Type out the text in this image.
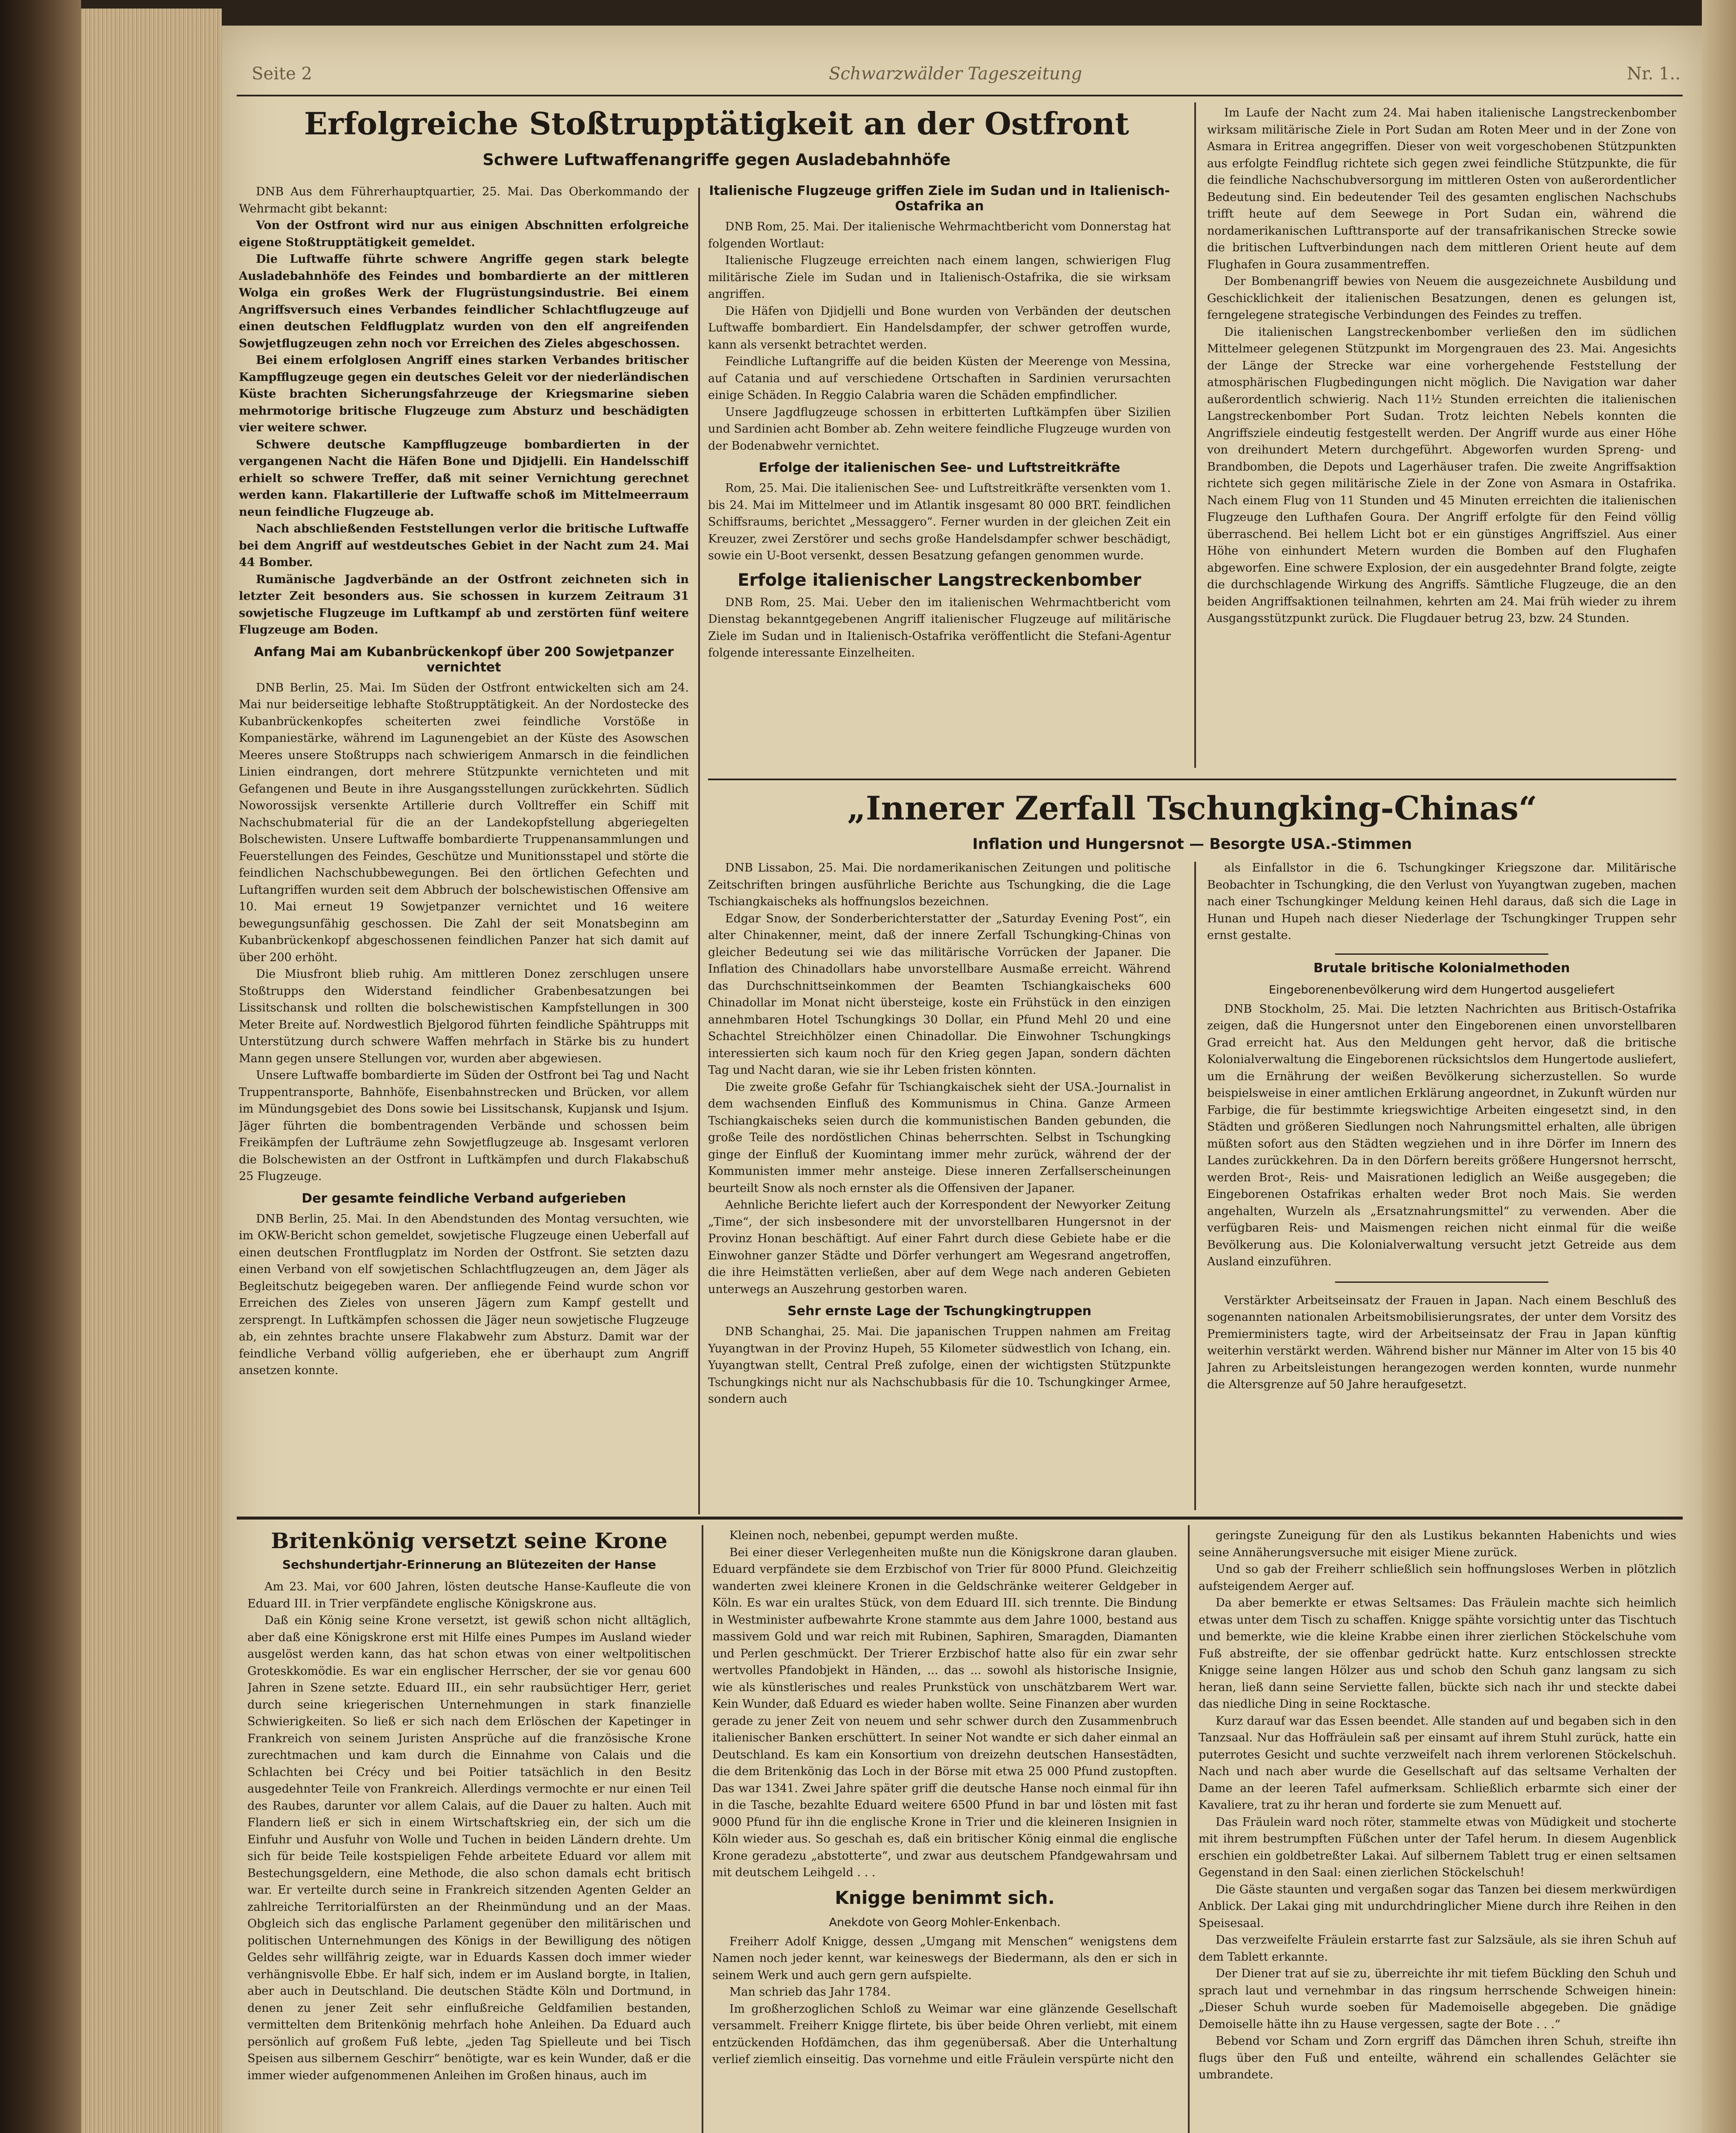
Seite 2	Schwarzwälder Tageszeitung	Nr. 1..
Erfolgreiche Stoßtrupptätigkeit an der Ostfront
Schwere Luftwaffenangriffe gegen Ausladebahnhöfe

DNB Aus dem Führerhauptquartier, 25. Mai. Das Oberkommando der Wehrmacht gibt bekannt:

Von der Ostfront wird nur aus einigen Abschnitten erfolgreiche eigene Stoßtrupptätigkeit gemeldet.

Die Luftwaffe führte schwere Angriffe gegen stark belegte Ausladebahnhöfe des Feindes und bombardierte an der mittleren Wolga ein großes Werk der Flugrüstungsindustrie. Bei einem Angriffsversuch eines Verbandes feindlicher Schlachtflugzeuge auf einen deutschen Feldflugplatz wurden von den elf angreifenden Sowjetflugzeugen zehn noch vor Erreichen des Zieles abgeschossen.

Bei einem erfolglosen Angriff eines starken Verbandes britischer Kampfflugzeuge gegen ein deutsches Geleit vor der niederländischen Küste brachten Sicherungsfahrzeuge der Kriegsmarine sieben mehrmotorige britische Flugzeuge zum Absturz und beschädigten vier weitere schwer.

Schwere deutsche Kampfflugzeuge bombardierten in der vergangenen Nacht die Häfen Bone und Djidjelli. Ein Handelsschiff erhielt so schwere Treffer, daß mit seiner Vernichtung gerechnet werden kann. Flakartillerie der Luftwaffe schoß im Mittelmeerraum neun feindliche Flugzeuge ab.

Nach abschließenden Feststellungen verlor die britische Luftwaffe bei dem Angriff auf westdeutsches Gebiet in der Nacht zum 24. Mai 44 Bomber.

Rumänische Jagdverbände an der Ostfront zeichneten sich in letzter Zeit besonders aus. Sie schossen in kurzem Zeitraum 31 sowjetische Flugzeuge im Luftkampf ab und zerstörten fünf weitere Flugzeuge am Boden.

Anfang Mai am Kubanbrückenkopf über 200 Sowjetpanzer vernichtet

DNB Berlin, 25. Mai. Im Süden der Ostfront entwickelten sich am 24. Mai nur beiderseitige lebhafte Stoßtrupptätigkeit. An der Nordostecke des Kubanbrückenkopfes scheiterten zwei feindliche Vorstöße in Kompaniestärke, während im Lagunengebiet an der Küste des Asowschen Meeres unsere Stoßtrupps nach schwierigem Anmarsch in die feindlichen Linien eindrangen, dort mehrere Stützpunkte vernichteten und mit Gefangenen und Beute in ihre Ausgangsstellungen zurückkehrten. Südlich Noworossijsk versenkte Artillerie durch Volltreffer ein Schiff mit Nachschubmaterial für die an der Landekopfstellung abgeriegelten Bolschewisten. Unsere Luftwaffe bombardierte Truppenansammlungen und Feuerstellungen des Feindes, Geschütze und Munitionsstapel und störte die feindlichen Nachschubbewegungen. Bei den örtlichen Gefechten und Luftangriffen wurden seit dem Abbruch der bolschewistischen Offensive am 10. Mai erneut 19 Sowjetpanzer vernichtet und 16 weitere bewegungsunfähig geschossen. Die Zahl der seit Monatsbeginn am Kubanbrückenkopf abgeschossenen feindlichen Panzer hat sich damit auf über 200 erhöht.

Die Miusfront blieb ruhig. Am mittleren Donez zerschlugen unsere Stoßtrupps den Widerstand feindlicher Grabenbesatzungen bei Lissitschansk und rollten die bolschewistischen Kampfstellungen in 300 Meter Breite auf. Nordwestlich Bjelgorod führten feindliche Spähtrupps mit Unterstützung durch schwere Waffen mehrfach in Stärke bis zu hundert Mann gegen unsere Stellungen vor, wurden aber abgewiesen.

Unsere Luftwaffe bombardierte im Süden der Ostfront bei Tag und Nacht Truppentransporte, Bahnhöfe, Eisenbahnstrecken und Brücken, vor allem im Mündungsgebiet des Dons sowie bei Lissitschansk, Kupjansk und Isjum. Jäger führten die bombentragenden Verbände und schossen beim Freikämpfen der Lufträume zehn Sowjetflugzeuge ab. Insgesamt verloren die Bolschewisten an der Ostfront in Luftkämpfen und durch Flakabschuß 25 Flugzeuge.

Der gesamte feindliche Verband aufgerieben

DNB Berlin, 25. Mai. In den Abendstunden des Montag versuchten, wie im OKW-Bericht schon gemeldet, sowjetische Flugzeuge einen Ueberfall auf einen deutschen Frontflugplatz im Norden der Ostfront. Sie setzten dazu einen Verband von elf sowjetischen Schlachtflugzeugen an, dem Jäger als Begleitschutz beigegeben waren. Der anfliegende Feind wurde schon vor Erreichen des Zieles von unseren Jägern zum Kampf gestellt und zersprengt. In Luftkämpfen schossen die Jäger neun sowjetische Flugzeuge ab, ein zehntes brachte unsere Flakabwehr zum Absturz. Damit war der feindliche Verband völlig aufgerieben, ehe er überhaupt zum Angriff ansetzen konnte.

Italienische Flugzeuge griffen Ziele im Sudan und in Italienisch-Ostafrika an

DNB Rom, 25. Mai. Der italienische Wehrmachtbericht vom Donnerstag hat folgenden Wortlaut:

Italienische Flugzeuge erreichten nach einem langen, schwierigen Flug militärische Ziele im Sudan und in Italienisch-Ostafrika, die sie wirksam angriffen.

Die Häfen von Djidjelli und Bone wurden von Verbänden der deutschen Luftwaffe bombardiert. Ein Handelsdampfer, der schwer getroffen wurde, kann als versenkt betrachtet werden.

Feindliche Luftangriffe auf die beiden Küsten der Meerenge von Messina, auf Catania und auf verschiedene Ortschaften in Sardinien verursachten einige Schäden. In Reggio Calabria waren die Schäden empfindlicher.

Unsere Jagdflugzeuge schossen in erbitterten Luftkämpfen über Sizilien und Sardinien acht Bomber ab. Zehn weitere feindliche Flugzeuge wurden von der Bodenabwehr vernichtet.

Erfolge der italienischen See- und Luftstreitkräfte

Rom, 25. Mai. Die italienischen See- und Luftstreitkräfte versenkten vom 1. bis 24. Mai im Mittelmeer und im Atlantik insgesamt 80 000 BRT. feindlichen Schiffsraums, berichtet „Messaggero“. Ferner wurden in der gleichen Zeit ein Kreuzer, zwei Zerstörer und sechs große Handelsdampfer schwer beschädigt, sowie ein U-Boot versenkt, dessen Besatzung gefangen genommen wurde.

Erfolge italienischer Langstreckenbomber

DNB Rom, 25. Mai. Ueber den im italienischen Wehrmachtbericht vom Dienstag bekanntgegebenen Angriff italienischer Flugzeuge auf militärische Ziele im Sudan und in Italienisch-Ostafrika veröffentlicht die Stefani-Agentur folgende interessante Einzelheiten.

Im Laufe der Nacht zum 24. Mai haben italienische Langstreckenbomber wirksam militärische Ziele in Port Sudan am Roten Meer und in der Zone von Asmara in Eritrea angegriffen. Dieser von weit vorgeschobenen Stützpunkten aus erfolgte Feindflug richtete sich gegen zwei feindliche Stützpunkte, die für die feindliche Nachschubversorgung im mittleren Osten von außerordentlicher Bedeutung sind. Ein bedeutender Teil des gesamten englischen Nachschubs trifft heute auf dem Seewege in Port Sudan ein, während die nordamerikanischen Lufttransporte auf der transafrikanischen Strecke sowie die britischen Luftverbindungen nach dem mittleren Orient heute auf dem Flughafen in Goura zusammentreffen.

Der Bombenangriff bewies von Neuem die ausgezeichnete Ausbildung und Geschicklichkeit der italienischen Besatzungen, denen es gelungen ist, ferngelegene strategische Verbindungen des Feindes zu treffen.

Die italienischen Langstreckenbomber verließen den im südlichen Mittelmeer gelegenen Stützpunkt im Morgengrauen des 23. Mai. Angesichts der Länge der Strecke war eine vorhergehende Feststellung der atmosphärischen Flugbedingungen nicht möglich. Die Navigation war daher außerordentlich schwierig. Nach 11½ Stunden erreichten die italienischen Langstreckenbomber Port Sudan. Trotz leichten Nebels konnten die Angriffsziele eindeutig festgestellt werden. Der Angriff wurde aus einer Höhe von dreihundert Metern durchgeführt. Abgeworfen wurden Spreng- und Brandbomben, die Depots und Lagerhäuser trafen. Die zweite Angriffsaktion richtete sich gegen militärische Ziele in der Zone von Asmara in Ostafrika. Nach einem Flug von 11 Stunden und 45 Minuten erreichten die italienischen Flugzeuge den Lufthafen Goura. Der Angriff erfolgte für den Feind völlig überraschend. Bei hellem Licht bot er ein günstiges Angriffsziel. Aus einer Höhe von einhundert Metern wurden die Bomben auf den Flughafen abgeworfen. Eine schwere Explosion, der ein ausgedehnter Brand folgte, zeigte die durchschlagende Wirkung des Angriffs. Sämtliche Flugzeuge, die an den beiden Angriffsaktionen teilnahmen, kehrten am 24. Mai früh wieder zu ihrem Ausgangsstützpunkt zurück. Die Flugdauer betrug 23, bzw. 24 Stunden.

„Innerer Zerfall Tschungking-Chinas“
Inflation und Hungersnot — Besorgte USA.-Stimmen

DNB Lissabon, 25. Mai. Die nordamerikanischen Zeitungen und politische Zeitschriften bringen ausführliche Berichte aus Tschungking, die die Lage Tschiangkaischeks als hoffnungslos bezeichnen.

Edgar Snow, der Sonderberichterstatter der „Saturday Evening Post“, ein alter Chinakenner, meint, daß der innere Zerfall Tschungking-Chinas von gleicher Bedeutung sei wie das militärische Vorrücken der Japaner. Die Inflation des Chinadollars habe unvorstellbare Ausmaße erreicht. Während das Durchschnittseinkommen der Beamten Tschiangkaischeks 600 Chinadollar im Monat nicht übersteige, koste ein Frühstück in den einzigen annehmbaren Hotel Tschungkings 30 Dollar, ein Pfund Mehl 20 und eine Schachtel Streichhölzer einen Chinadollar. Die Einwohner Tschungkings interessierten sich kaum noch für den Krieg gegen Japan, sondern dächten Tag und Nacht daran, wie sie ihr Leben fristen könnten.

Die zweite große Gefahr für Tschiangkaischek sieht der USA.-Journalist in dem wachsenden Einfluß des Kommunismus in China. Ganze Armeen Tschiangkaischeks seien durch die kommunistischen Banden gebunden, die große Teile des nordöstlichen Chinas beherrschten. Selbst in Tschungking ginge der Einfluß der Kuomintang immer mehr zurück, während der der Kommunisten immer mehr ansteige. Diese inneren Zerfallserscheinungen beurteilt Snow als noch ernster als die Offensiven der Japaner.

Aehnliche Berichte liefert auch der Korrespondent der Newyorker Zeitung „Time“, der sich insbesondere mit der unvorstellbaren Hungersnot in der Provinz Honan beschäftigt. Auf einer Fahrt durch diese Gebiete habe er die Einwohner ganzer Städte und Dörfer verhungert am Wegesrand angetroffen, die ihre Heimstätten verließen, aber auf dem Wege nach anderen Gebieten unterwegs an Auszehrung gestorben waren.

Sehr ernste Lage der Tschungkingtruppen

DNB Schanghai, 25. Mai. Die japanischen Truppen nahmen am Freitag Yuyangtwan in der Provinz Hupeh, 55 Kilometer südwestlich von Ichang, ein. Yuyangtwan stellt, Central Preß zufolge, einen der wichtigsten Stützpunkte Tschungkings nicht nur als Nachschubbasis für die 10. Tschungkinger Armee, sondern auch

als Einfallstor in die 6. Tschungkinger Kriegszone dar. Militärische Beobachter in Tschungking, die den Verlust von Yuyangtwan zugeben, machen nach einer Tschungkinger Meldung keinen Hehl daraus, daß sich die Lage in Hunan und Hupeh nach dieser Niederlage der Tschungkinger Truppen sehr ernst gestalte.

Brutale britische Kolonialmethoden
Eingeborenenbevölkerung wird dem Hungertod ausgeliefert

DNB Stockholm, 25. Mai. Die letzten Nachrichten aus Britisch-Ostafrika zeigen, daß die Hungersnot unter den Eingeborenen einen unvorstellbaren Grad erreicht hat. Aus den Meldungen geht hervor, daß die britische Kolonialverwaltung die Eingeborenen rücksichtslos dem Hungertode ausliefert, um die Ernährung der weißen Bevölkerung sicherzustellen. So wurde beispielsweise in einer amtlichen Erklärung angeordnet, in Zukunft würden nur Farbige, die für bestimmte kriegswichtige Arbeiten eingesetzt sind, in den Städten und größeren Siedlungen noch Nahrungsmittel erhalten, alle übrigen müßten sofort aus den Städten wegziehen und in ihre Dörfer im Innern des Landes zurückkehren. Da in den Dörfern bereits größere Hungersnot herrscht, werden Brot-, Reis- und Maisrationen lediglich an Weiße ausgegeben; die Eingeborenen Ostafrikas erhalten weder Brot noch Mais. Sie werden angehalten, Wurzeln als „Ersatznahrungsmittel“ zu verwenden. Aber die verfügbaren Reis- und Maismengen reichen nicht einmal für die weiße Bevölkerung aus. Die Kolonialverwaltung versucht jetzt Getreide aus dem Ausland einzuführen.

Verstärkter Arbeitseinsatz der Frauen in Japan. Nach einem Beschluß des sogenannten nationalen Arbeitsmobilisierungsrates, der unter dem Vorsitz des Premierministers tagte, wird der Arbeitseinsatz der Frau in Japan künftig weiterhin verstärkt werden. Während bisher nur Männer im Alter von 15 bis 40 Jahren zu Arbeitsleistungen herangezogen werden konnten, wurde nunmehr die Altersgrenze auf 50 Jahre heraufgesetzt.

Britenkönig versetzt seine Krone
Sechshundertjahr-Erinnerung an Blütezeiten der Hanse

Am 23. Mai, vor 600 Jahren, lösten deutsche Hanse-Kaufleute die von Eduard III. in Trier verpfändete englische Königskrone aus.

Daß ein König seine Krone versetzt, ist gewiß schon nicht alltäglich, aber daß eine Königskrone erst mit Hilfe eines Pumpes im Ausland wieder ausgelöst werden kann, das hat schon etwas von einer weltpolitischen Groteskkomödie. Es war ein englischer Herrscher, der sie vor genau 600 Jahren in Szene setzte. Eduard III., ein sehr raubsüchtiger Herr, geriet durch seine kriegerischen Unternehmungen in stark finanzielle Schwierigkeiten. So ließ er sich nach dem Erlöschen der Kapetinger in Frankreich von seinem Juristen Ansprüche auf die französische Krone zurechtmachen und kam durch die Einnahme von Calais und die Schlachten bei Crécy und bei Poitier tatsächlich in den Besitz ausgedehnter Teile von Frankreich. Allerdings vermochte er nur einen Teil des Raubes, darunter vor allem Calais, auf die Dauer zu halten. Auch mit Flandern ließ er sich in einem Wirtschaftskrieg ein, der sich um die Einfuhr und Ausfuhr von Wolle und Tuchen in beiden Ländern drehte. Um sich für beide Teile kostspieligen Fehde arbeitete Eduard vor allem mit Bestechungsgeldern, eine Methode, die also schon damals echt britisch war. Er verteilte durch seine in Frankreich sitzenden Agenten Gelder an zahlreiche Territorialfürsten an der Rheinmündung und an der Maas. Obgleich sich das englische Parlament gegenüber den militärischen und politischen Unternehmungen des Königs in der Bewilligung des nötigen Geldes sehr willfährig zeigte, war in Eduards Kassen doch immer wieder verhängnisvolle Ebbe. Er half sich, indem er im Ausland borgte, in Italien, aber auch in Deutschland. Die deutschen Städte Köln und Dortmund, in denen zu jener Zeit sehr einflußreiche Geldfamilien bestanden, vermittelten dem Britenkönig mehrfach hohe Anleihen. Da Eduard auch persönlich auf großem Fuß lebte, „jeden Tag Spielleute und bei Tisch Speisen aus silbernem Geschirr“ benötigte, war es kein Wunder, daß er die immer wieder aufgenommenen Anleihen im Großen hinaus, auch im

Kleinen noch, nebenbei, gepumpt werden mußte.

Bei einer dieser Verlegenheiten mußte nun die Königskrone daran glauben. Eduard verpfändete sie dem Erzbischof von Trier für 8000 Pfund. Gleichzeitig wanderten zwei kleinere Kronen in die Geldschränke weiterer Geldgeber in Köln. Es war ein uraltes Stück, von dem Eduard III. sich trennte. Die Bindung in Westminister aufbewahrte Krone stammte aus dem Jahre 1000, bestand aus massivem Gold und war reich mit Rubinen, Saphiren, Smaragden, Diamanten und Perlen geschmückt. Der Trierer Erzbischof hatte also für ein zwar sehr wertvolles Pfandobjekt in Händen, ... das ... sowohl als historische Insignie, wie als künstlerisches und reales Prunkstück von unschätzbarem Wert war. Kein Wunder, daß Eduard es wieder haben wollte. Seine Finanzen aber wurden gerade zu jener Zeit von neuem und sehr schwer durch den Zusammenbruch italienischer Banken erschüttert. In seiner Not wandte er sich daher einmal an Deutschland. Es kam ein Konsortium von dreizehn deutschen Hansestädten, die dem Britenkönig das Loch in der Börse mit etwa 25 000 Pfund zustopften. Das war 1341. Zwei Jahre später griff die deutsche Hanse noch einmal für ihn in die Tasche, bezahlte Eduard weitere 6500 Pfund in bar und lösten mit fast 9000 Pfund für ihn die englische Krone in Trier und die kleineren Insignien in Köln wieder aus. So geschah es, daß ein britischer König einmal die englische Krone geradezu „abstotterte“, und zwar aus deutschem Pfandgewahrsam und mit deutschem Leihgeld . . .

Knigge benimmt sich.
Anekdote von Georg Mohler-Enkenbach.

Freiherr Adolf Knigge, dessen „Umgang mit Menschen“ wenigstens dem Namen noch jeder kennt, war keineswegs der Biedermann, als den er sich in seinem Werk und auch gern gern aufspielte.

Man schrieb das Jahr 1784.

Im großherzoglichen Schloß zu Weimar war eine glänzende Gesellschaft versammelt. Freiherr Knigge flirtete, bis über beide Ohren verliebt, mit einem entzückenden Hofdämchen, das ihm gegenübersaß. Aber die Unterhaltung verlief ziemlich einseitig. Das vornehme und eitle Fräulein verspürte nicht den

geringste Zuneigung für den als Lustikus bekannten Habenichts und wies seine Annäherungsversuche mit eisiger Miene zurück.

Und so gab der Freiherr schließlich sein hoffnungsloses Werben in plötzlich aufsteigendem Aerger auf.

Da aber bemerkte er etwas Seltsames: Das Fräulein machte sich heimlich etwas unter dem Tisch zu schaffen. Knigge spähte vorsichtig unter das Tischtuch und bemerkte, wie die kleine Krabbe einen ihrer zierlichen Stöckelschuhe vom Fuß abstreifte, der sie offenbar gedrückt hatte. Kurz entschlossen streckte Knigge seine langen Hölzer aus und schob den Schuh ganz langsam zu sich heran, ließ dann seine Serviette fallen, bückte sich nach ihr und steckte dabei das niedliche Ding in seine Rocktasche.

Kurz darauf war das Essen beendet. Alle standen auf und begaben sich in den Tanzsaal. Nur das Hoffräulein saß per einsamt auf ihrem Stuhl zurück, hatte ein puterrotes Gesicht und suchte verzweifelt nach ihrem verlorenen Stöckelschuh. Nach und nach aber wurde die Gesellschaft auf das seltsame Verhalten der Dame an der leeren Tafel aufmerksam. Schließlich erbarmte sich einer der Kavaliere, trat zu ihr heran und forderte sie zum Menuett auf.

Das Fräulein ward noch röter, stammelte etwas von Müdigkeit und stocherte mit ihrem bestrumpften Füßchen unter der Tafel herum. In diesem Augenblick erschien ein goldbetreßter Lakai. Auf silbernem Tablett trug er einen seltsamen Gegenstand in den Saal: einen zierlichen Stöckelschuh!

Die Gäste staunten und vergaßen sogar das Tanzen bei diesem merkwürdigen Anblick. Der Lakai ging mit undurchdringlicher Miene durch ihre Reihen in den Speisesaal.

Das verzweifelte Fräulein erstarrte fast zur Salzsäule, als sie ihren Schuh auf dem Tablett erkannte.

Der Diener trat auf sie zu, überreichte ihr mit tiefem Bückling den Schuh und sprach laut und vernehmbar in das ringsum herrschende Schweigen hinein: „Dieser Schuh wurde soeben für Mademoiselle abgegeben. Die gnädige Demoiselle hätte ihn zu Hause vergessen, sagte der Bote . . .“

Bebend vor Scham und Zorn ergriff das Dämchen ihren Schuh, streifte ihn flugs über den Fuß und enteilte, während ein schallendes Gelächter sie umbrandete.
